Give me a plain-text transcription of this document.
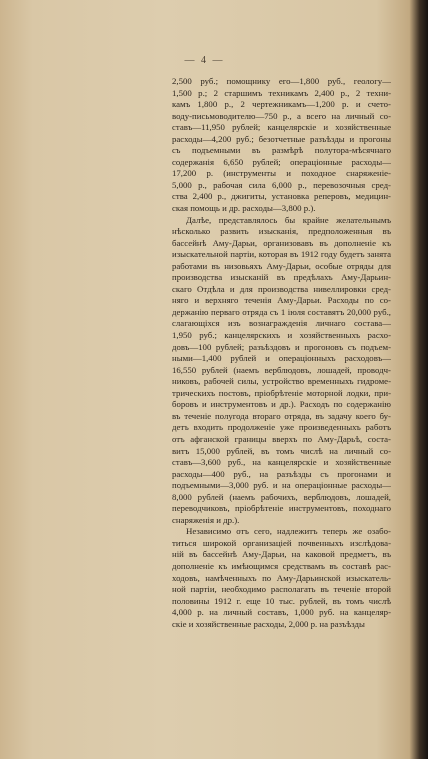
— 4 —
2,500 руб.; помощнику его—1,800 руб., геологу—
1,500 р.; 2 старшимъ техникамъ 2,400 р., 2 техни-
камъ 1,800 р., 2 чертежникамъ—1,200 р. и счето-
воду-письмоводителю—750 р., а всего на личный со-
ставъ—11,950 рублей; канцелярскiе и хозяйственные
расходы—4,200 руб.; безотчетные разъѣзды и прогоны
съ подъемными въ размѣрѣ полутора-мѣсячнаго
содержанiя 6,650 рублей; операцiонные расходы—
17,200 р. (инструменты и походное снаряженiе-
5,000 р., рабочая сила 6,000 р., перевозочныя сред-
ства 2,400 р., джигиты, установка реперовъ, медицин-
ская помощь и др. расходы—3,800 р.).
Далѣе, представлялось бы крайне желательнымъ
нѣсколько развить изысканiя, предположенныя въ
бассейнѣ Аму-Дарьи, организовавъ въ дополненiе къ
изыскательной партiи, которая въ 1912 году будетъ занята
работами въ низовьяхъ Аму-Дарьи, особые отряды для
производства изысканiй въ предѣлахъ Аму-Дарьин-
скаго Отдѣла и для производства нивеллировки сред-
няго и верхняго теченiя Аму-Дарьи. Расходы по со-
держанiю перваго отряда съ 1 iюля составятъ 20,000 руб.,
слагающiхся изъ вознагражденiя личнаго состава—
1,950 руб.; канцелярскихъ и хозяйственныхъ расхо-
довъ—100 рублей; разъѣздовъ и прогоновъ съ подъем-
ными—1,400 рублей и операцiонныхъ расходовъ—
16,550 рублей (наемъ верблюдовъ, лошадей, проводч-
никовъ, рабочей силы, устройство временныхъ гидроме-
трическихъ постовъ, прiобрѣтенiе моторной лодки, при-
боровъ и инструментовъ и др.). Расходъ по содержанiю
въ теченiе полугода втораго отряда, въ задачу коего бу-
детъ входить продолженiе уже произведенныхъ работъ
отъ афганской границы вверхъ по Аму-Дарьѣ, соста-
витъ 15,000 рублей, въ томъ числѣ на личный со-
ставъ—3,600 руб., на канцелярскiе и хозяйственные
расходы—400 руб., на разъѣзды съ прогонами и
подъемными—3,000 руб. и на операцiонные расходы—
8,000 рублей (наемъ рабочихъ, верблюдовъ, лошадей,
переводчиковъ, прiобрѣтенiе инструментовъ, походнаго
снаряженiя и др.).
Независимо отъ сего, надлежитъ теперь же озабо-
титься широкой организацiей почвенныхъ изслѣдова-
нiй въ бассейнѣ Аму-Дарьи, на каковой предметъ, въ
дополненiе къ имѣющимся средствамъ въ составѣ рас-
ходовъ, намѣченныхъ по Аму-Дарьинской изыскатель-
ной партiи, необходимо располагать въ теченiе второй
половины 1912 г. еще 10 тыс. рублей, въ томъ числѣ
4,000 р. на личный составъ, 1,000 руб. на канцеляр-
скiе и хозяйственные расходы, 2,000 р. на разъѣзды
